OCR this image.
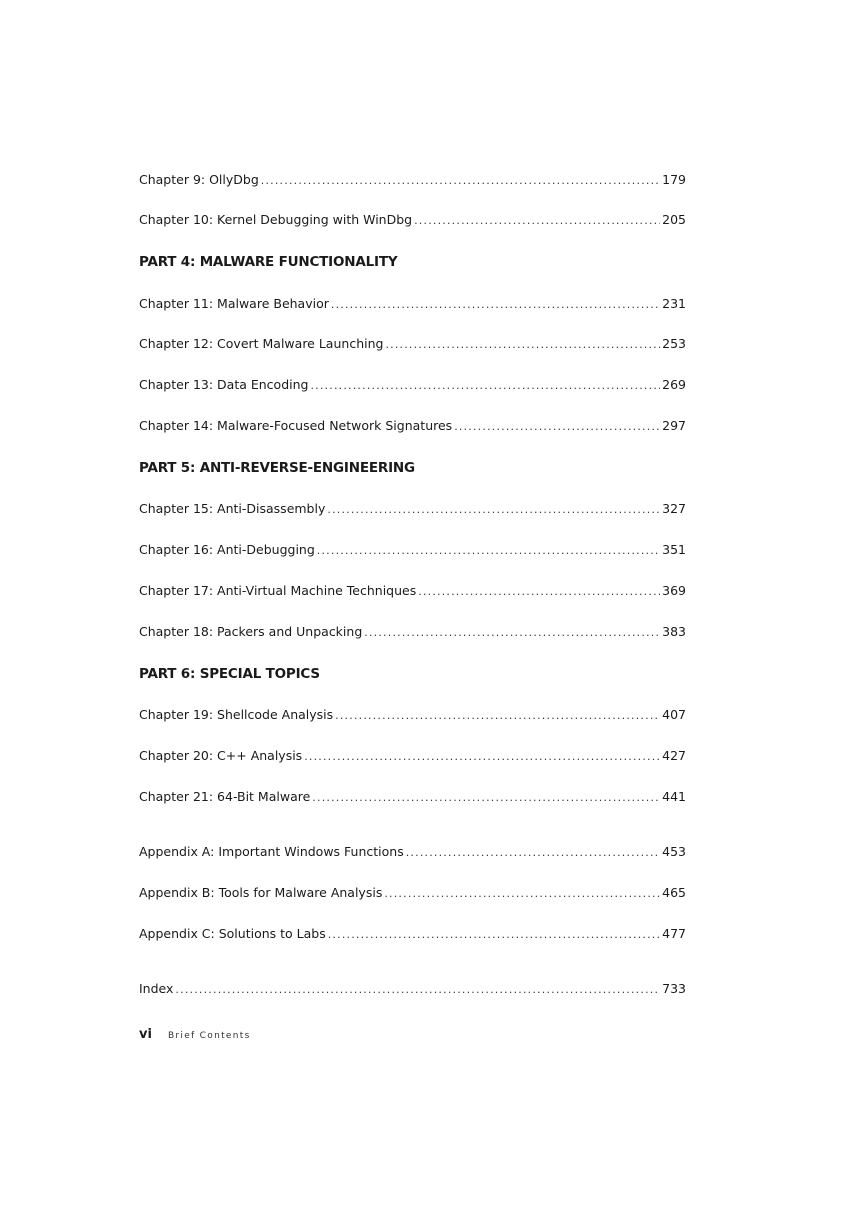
Chapter 9: OllyDbg .....	179
Chapter 10: Kernel Debugging with WinDbg .....	205
PART 4: MALWARE FUNCTIONALITY
Chapter 11: Malware Behavior .....	231
Chapter 12: Covert Malware Launching .....	253
Chapter 13: Data Encoding .....	269
Chapter 14: Malware-Focused Network Signatures .....	297
PART 5: ANTI-REVERSE-ENGINEERING
Chapter 15: Anti-Disassembly .....	327
Chapter 16: Anti-Debugging .....	351
Chapter 17: Anti-Virtual Machine Techniques .....	369
Chapter 18: Packers and Unpacking .....	383
PART 6: SPECIAL TOPICS
Chapter 19: Shellcode Analysis .....	407
Chapter 20: C++ Analysis .....	427
Chapter 21: 64-Bit Malware .....	441
Appendix A: Important Windows Functions .....	453
Appendix B: Tools for Malware Analysis .....	465
Appendix C: Solutions to Labs .....	477
Index .....	733
vi Brief Contents
